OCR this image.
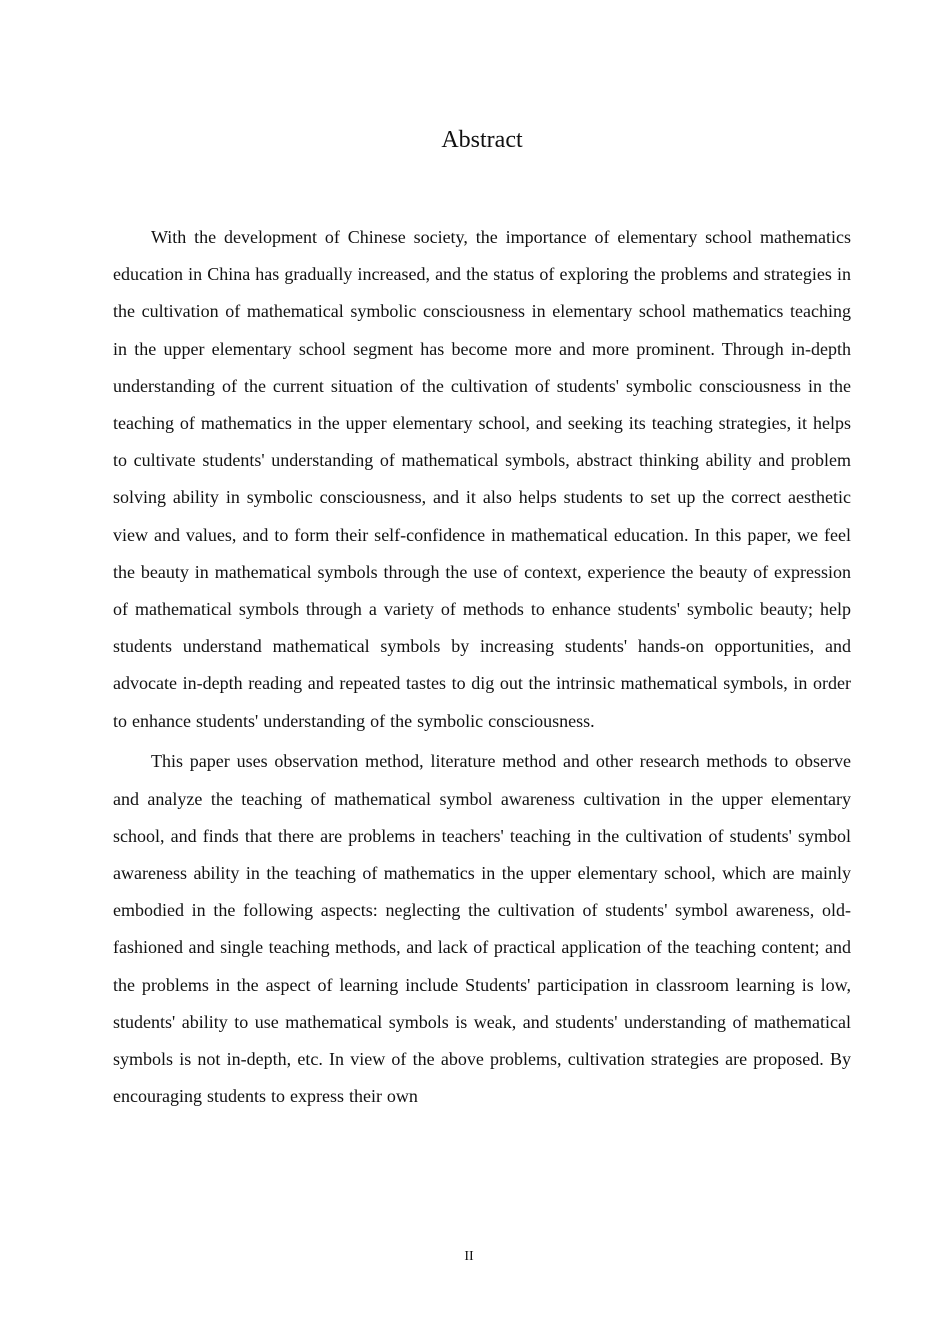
Abstract

With the development of Chinese society, the importance of elementary school mathematics education in China has gradually increased, and the status of exploring the problems and strategies in the cultivation of mathematical symbolic consciousness in elementary school mathematics teaching in the upper elementary school segment has become more and more prominent. Through in-depth understanding of the current situation of the cultivation of students' symbolic consciousness in the teaching of mathematics in the upper elementary school, and seeking its teaching strategies, it helps to cultivate students' understanding of mathematical symbols, abstract thinking ability and problem solving ability in symbolic consciousness, and it also helps students to set up the correct aesthetic view and values, and to form their self-confidence in mathematical education. In this paper, we feel the beauty in mathematical symbols through the use of context, experience the beauty of expression of mathematical symbols through a variety of methods to enhance students' symbolic beauty; help students understand mathematical symbols by increasing students' hands-on opportunities, and advocate in-depth reading and repeated tastes to dig out the intrinsic mathematical symbols, in order to enhance students' understanding of the symbolic consciousness.

This paper uses observation method, literature method and other research methods to observe and analyze the teaching of mathematical symbol awareness cultivation in the upper elementary school, and finds that there are problems in teachers' teaching in the cultivation of students' symbol awareness ability in the teaching of mathematics in the upper elementary school, which are mainly embodied in the following aspects: neglecting the cultivation of students' symbol awareness, old-fashioned and single teaching methods, and lack of practical application of the teaching content; and the problems in the aspect of learning include Students' participation in classroom learning is low, students' ability to use mathematical symbols is weak, and students' understanding of mathematical symbols is not in-depth, etc. In view of the above problems, cultivation strategies are proposed. By encouraging students to express their own

II
